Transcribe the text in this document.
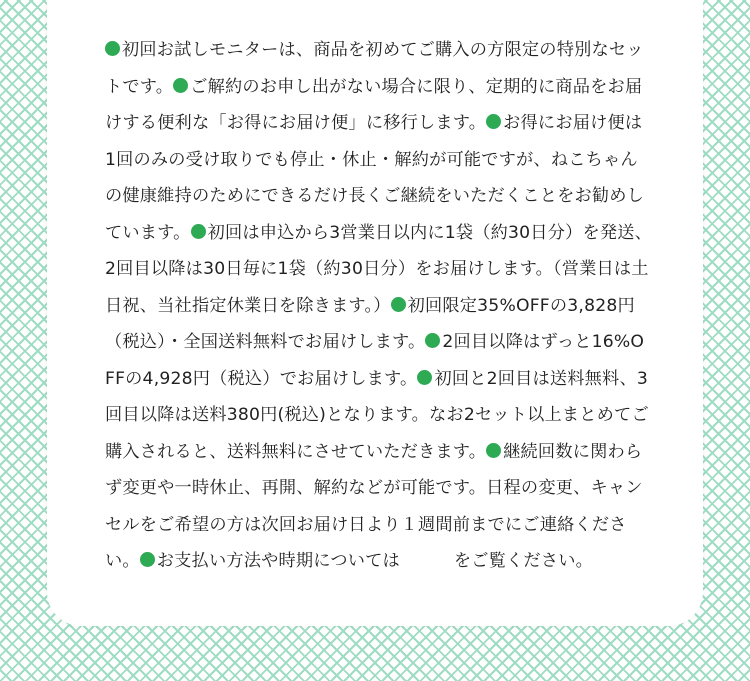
初回お試しモニターは、商品を初めてご購入の方限定の特別なセットです。 ご解約のお申し出がない場合に限り、定期的に商品をお届けする便利な「お得にお届け便」に移行します。 お得にお届け便は1回のみの受け取りでも停止・休止・解約が可能ですが、ねこちゃんの健康維持のためにできるだけ長くご継続をいただくことをお勧めしています。 初回は申込から3営業日以内に1袋（約30日分）を発送、2回目以降は30日毎に1袋（約30日分）をお届けします。（営業日は土日祝、当社指定休業日を除きます。） 初回限定35%OFFの3,828円（税込）・全国送料無料でお届けします。 2回目以降はずっと16%OFFの4,928円（税込）でお届けします。 初回と2回目は送料無料、3回目以降は送料380円(税込)となります。なお2セット以上まとめてご購入されると、送料無料にさせていただきます。 継続回数に関わらず変更や一時休止、再開、解約などが可能です。日程の変更、キャンセルをご希望の方は次回お届け日より１週間前までにご連絡ください。 お支払い方法や時期については	をご覧ください。
